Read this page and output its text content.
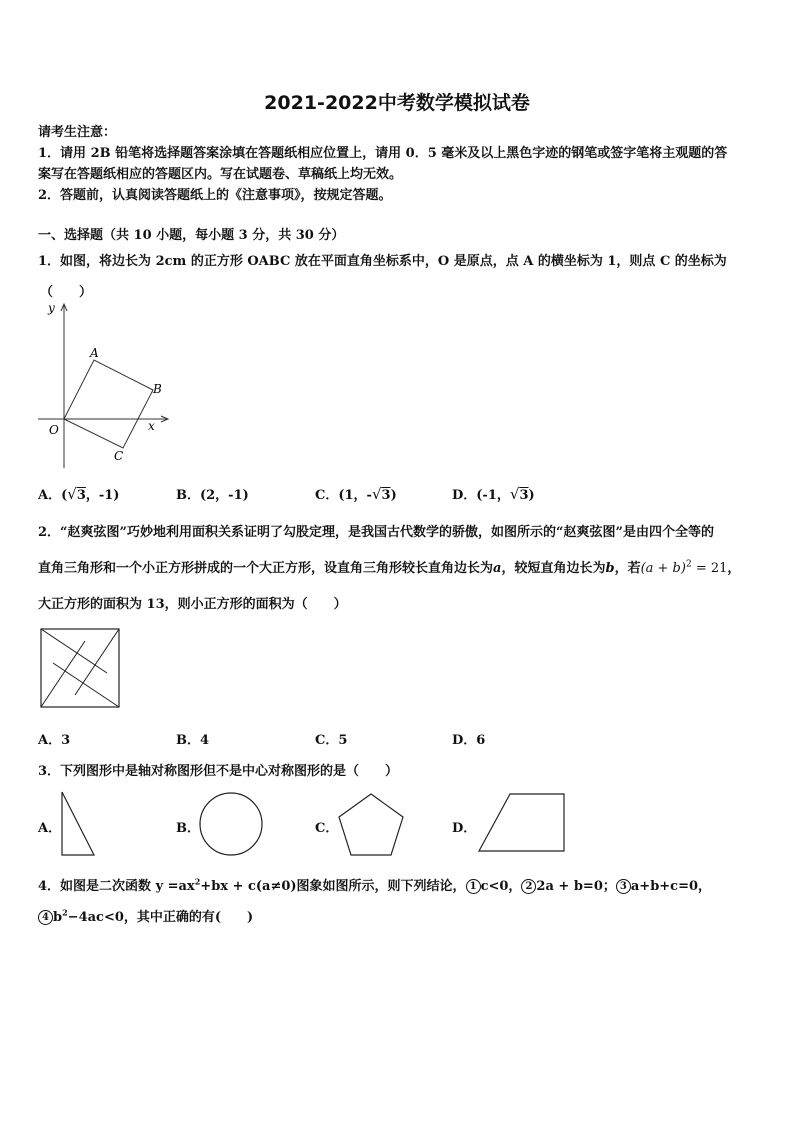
2021-2022中考数学模拟试卷
请考生注意：
1．请用 2B 铅笔将选择题答案涂填在答题纸相应位置上，请用 0．5 毫米及以上黑色字迹的钢笔或签字笔将主观题的答
案写在答题纸相应的答题区内。写在试题卷、草稿纸上均无效。
2．答题前，认真阅读答题纸上的《注意事项》，按规定答题。
一、选择题（共 10 小题，每小题 3 分，共 30 分）
1．如图，将边长为 2cm 的正方形 OABC 放在平面直角坐标系中，O 是原点，点 A 的横坐标为 1，则点 C 的坐标为
（　　）
y
x
O
A
B
C
A．(√3，-1)	B．(2，-1)	C．(1，-√3)	D．(-1，√3)
2．“赵爽弦图”巧妙地利用面积关系证明了勾股定理，是我国古代数学的骄傲，如图所示的“赵爽弦图”是由四个全等的
直角三角形和一个小正方形拼成的一个大正方形，设直角三角形较长直角边长为a，较短直角边长为b，若$(a + b)^2 = 21$，
大正方形的面积为 13，则小正方形的面积为（　　）
A．3	B．4	C．5	D．6
3．下列图形中是轴对称图形但不是中心对称图形的是（　　）
A．	B．	C．	D．
4．如图是二次函数 $y =ax^2+bx + c(a\ne 0)$图象如图所示，则下列结论， 1 c<0， 2 2a + b=0； 3 a+b+c=0，
4 $b^2-4ac<0$，其中正确的有(　　)
